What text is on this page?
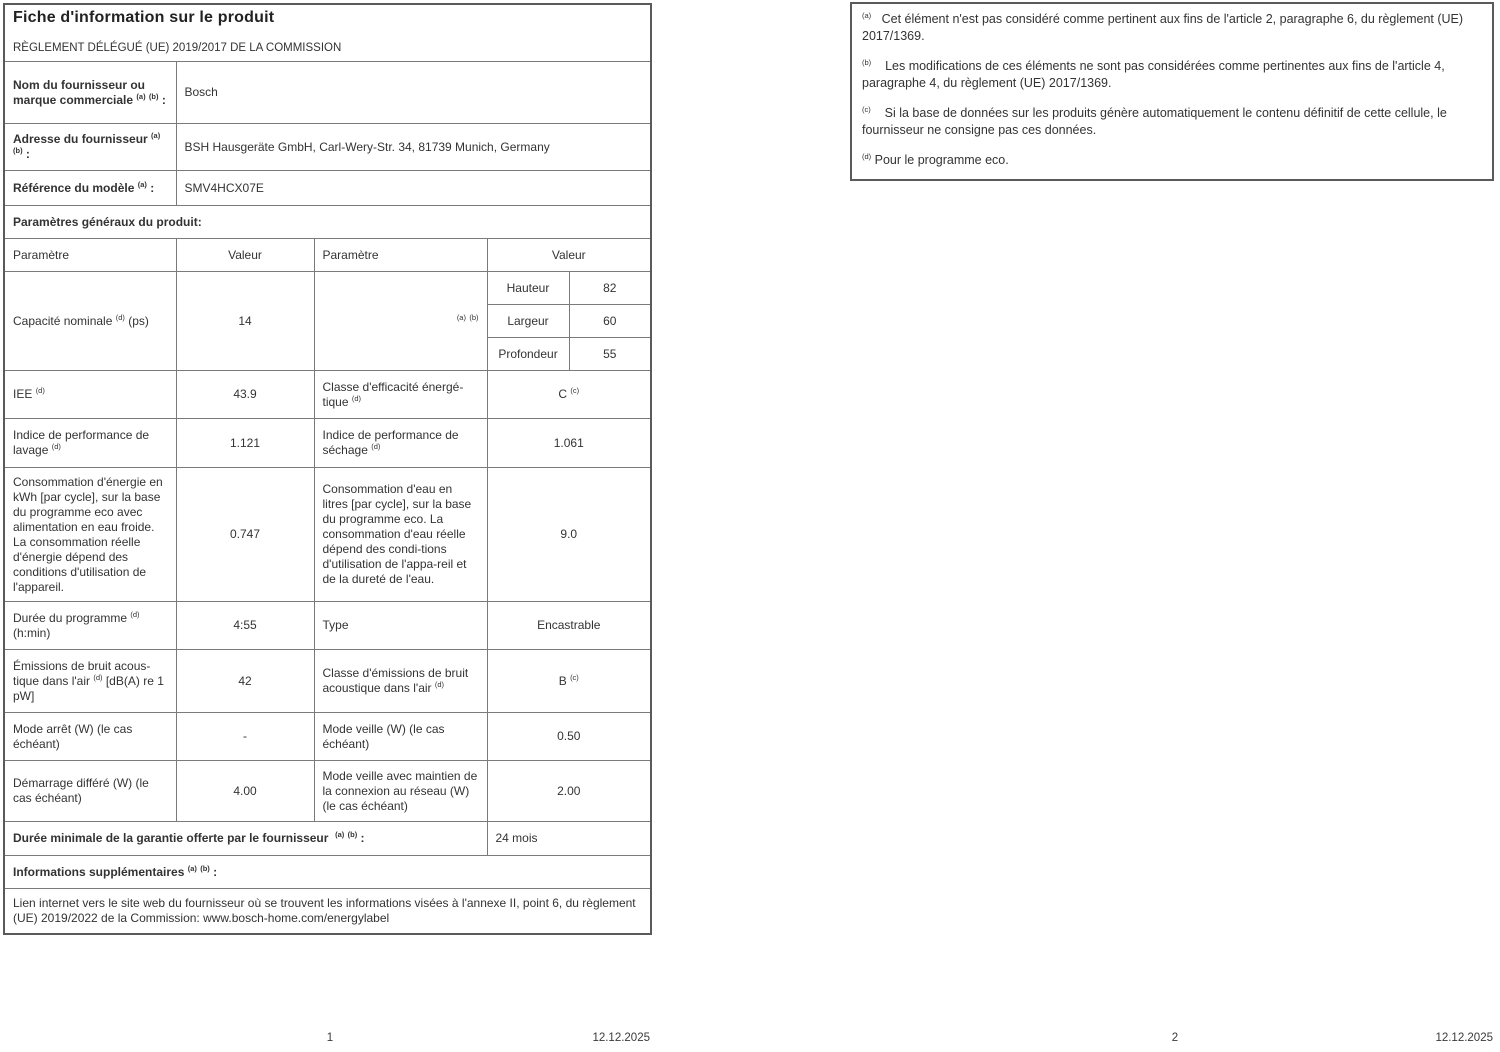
Fiche d'information sur le produit
RÈGLEMENT DÉLÉGUÉ (UE) 2019/2017 DE LA COMMISSION				

Nom du fournisseur ou marque commerciale $^{(a)}$ $^{(b)}$ :	Bosch			
Adresse du fournisseur $^{(a)}$ $^{(b)}$ :	BSH Hausgeräte GmbH, Carl-Wery-Str. 34, 81739 Munich, Germany			
Référence du modèle $^{(a)}$ :	SMV4HCX07E			
Paramètres généraux du produit:				
Paramètre	Valeur	Paramètre	Valeur	
Capacité nominale $^{(d)}$ (ps)	14	$^{(a)}$ $^{(b)}$	Hauteur	82
			Largeur	60
			Profondeur	55
IEE $^{(d)}$	43.9	Classe d'efficacité énergé-tique $^{(d)}$	C $^{(c)}$
Indice de performance de lavage $^{(d)}$	1.121	Indice de performance de séchage $^{(d)}$	1.061	
Consommation d'énergie en kWh [par cycle], sur la base du programme eco avec alimentation en eau froide. La consommation réelle d'énergie dépend des conditions d'utilisation de l'appareil.	0.747	Consommation d'eau en litres [par cycle], sur la base du programme eco. La consommation d'eau réelle dépend des condi-tions d'utilisation de l'appa-reil et de la dureté de l'eau.	9.0	
Durée du programme $^{(d)}$ (h:min)	4:55	Type	Encastrable	
Émissions de bruit acous-tique dans l'air $^{(d)}$ [dB(A) re 1 pW]	42	Classe d'émissions de bruit acoustique dans l'air $^{(d)}$	B $^{(c)}$
Mode arrêt (W) (le cas échéant)	-	Mode veille (W) (le cas échéant)	0.50	
Démarrage différé (W) (le cas échéant)	4.00	Mode veille avec maintien de la connexion au réseau (W) (le cas échéant)	2.00	
Durée minimale de la garantie offerte par le fournisseur  $^{(a)}$ $^{(b)}$ :			24 mois	
Informations supplémentaires $^{(a)}$ $^{(b)}$ :				
Lien internet vers le site web du fournisseur où se trouvent les informations visées à l'annexe II, point 6, du règlement (UE) 2019/2022 de la Commission: www.bosch-home.com/energylabel				

$^{(a)}$   Cet élément n'est pas considéré comme pertinent aux fins de l'article 2, paragraphe 6, du règlement (UE) 2017/1369.

$^{(b)}$    Les modifications de ces éléments ne sont pas considérées comme pertinentes aux fins de l'article 4, paragraphe 4, du règlement (UE) 2017/1369.

$^{(c)}$    Si la base de données sur les produits génère automatiquement le contenu définitif de cette cellule, le fournisseur ne consigne pas ces données.

$^{(d)}$ Pour le programme eco.

1	12.12.2025	2	12.12.2025
